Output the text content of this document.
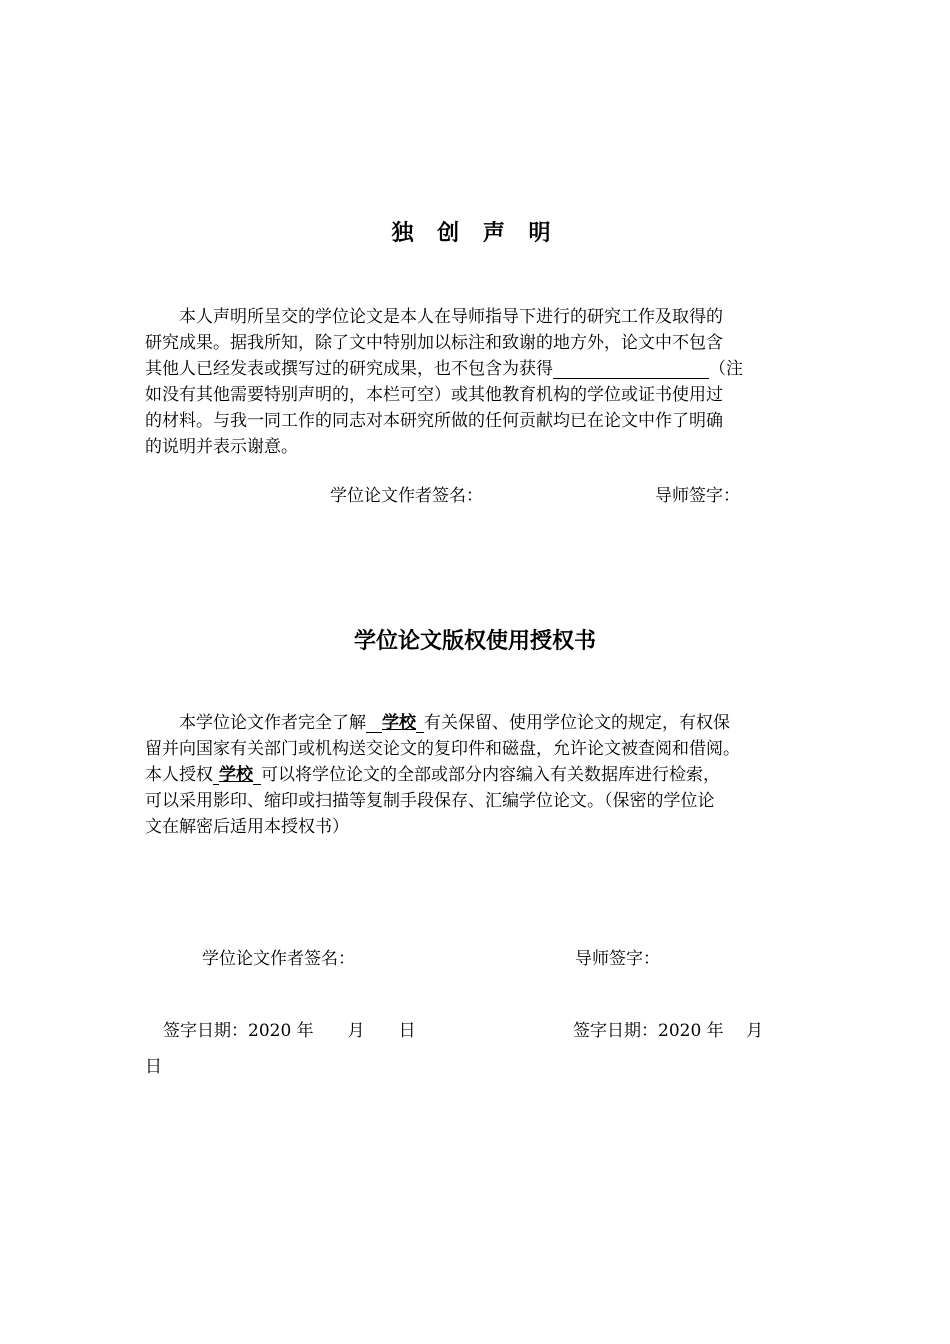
独 创 声 明
本人声明所呈交的学位论文是本人在导师指导下进行的研究工作及取得的
研究成果。据我所知，除了文中特别加以标注和致谢的地方外，论文中不包含
其他人已经发表或撰写过的研究成果，也不包含为获得	（注
如没有其他需要特别声明的，本栏可空）或其他教育机构的学位或证书使用过
的材料。与我一同工作的同志对本研究所做的任何贡献均已在论文中作了明确
的说明并表示谢意。
学位论文作者签名：	导师签字：
学位论文版权使用授权书
本学位论文作者完全了解 学校 有关保留、使用学位论文的规定，有权保
留并向国家有关部门或机构送交论文的复印件和磁盘，允许论文被查阅和借阅。
本人授权 学校 可以将学位论文的全部或部分内容编入有关数据库进行检索，
可以采用影印、缩印或扫描等复制手段保存、汇编学位论文。（保密的学位论
文在解密后适用本授权书）
学位论文作者签名：	导师签字：
签字日期：2020 年　　月　　日	签字日期：2020 年　 月
日
